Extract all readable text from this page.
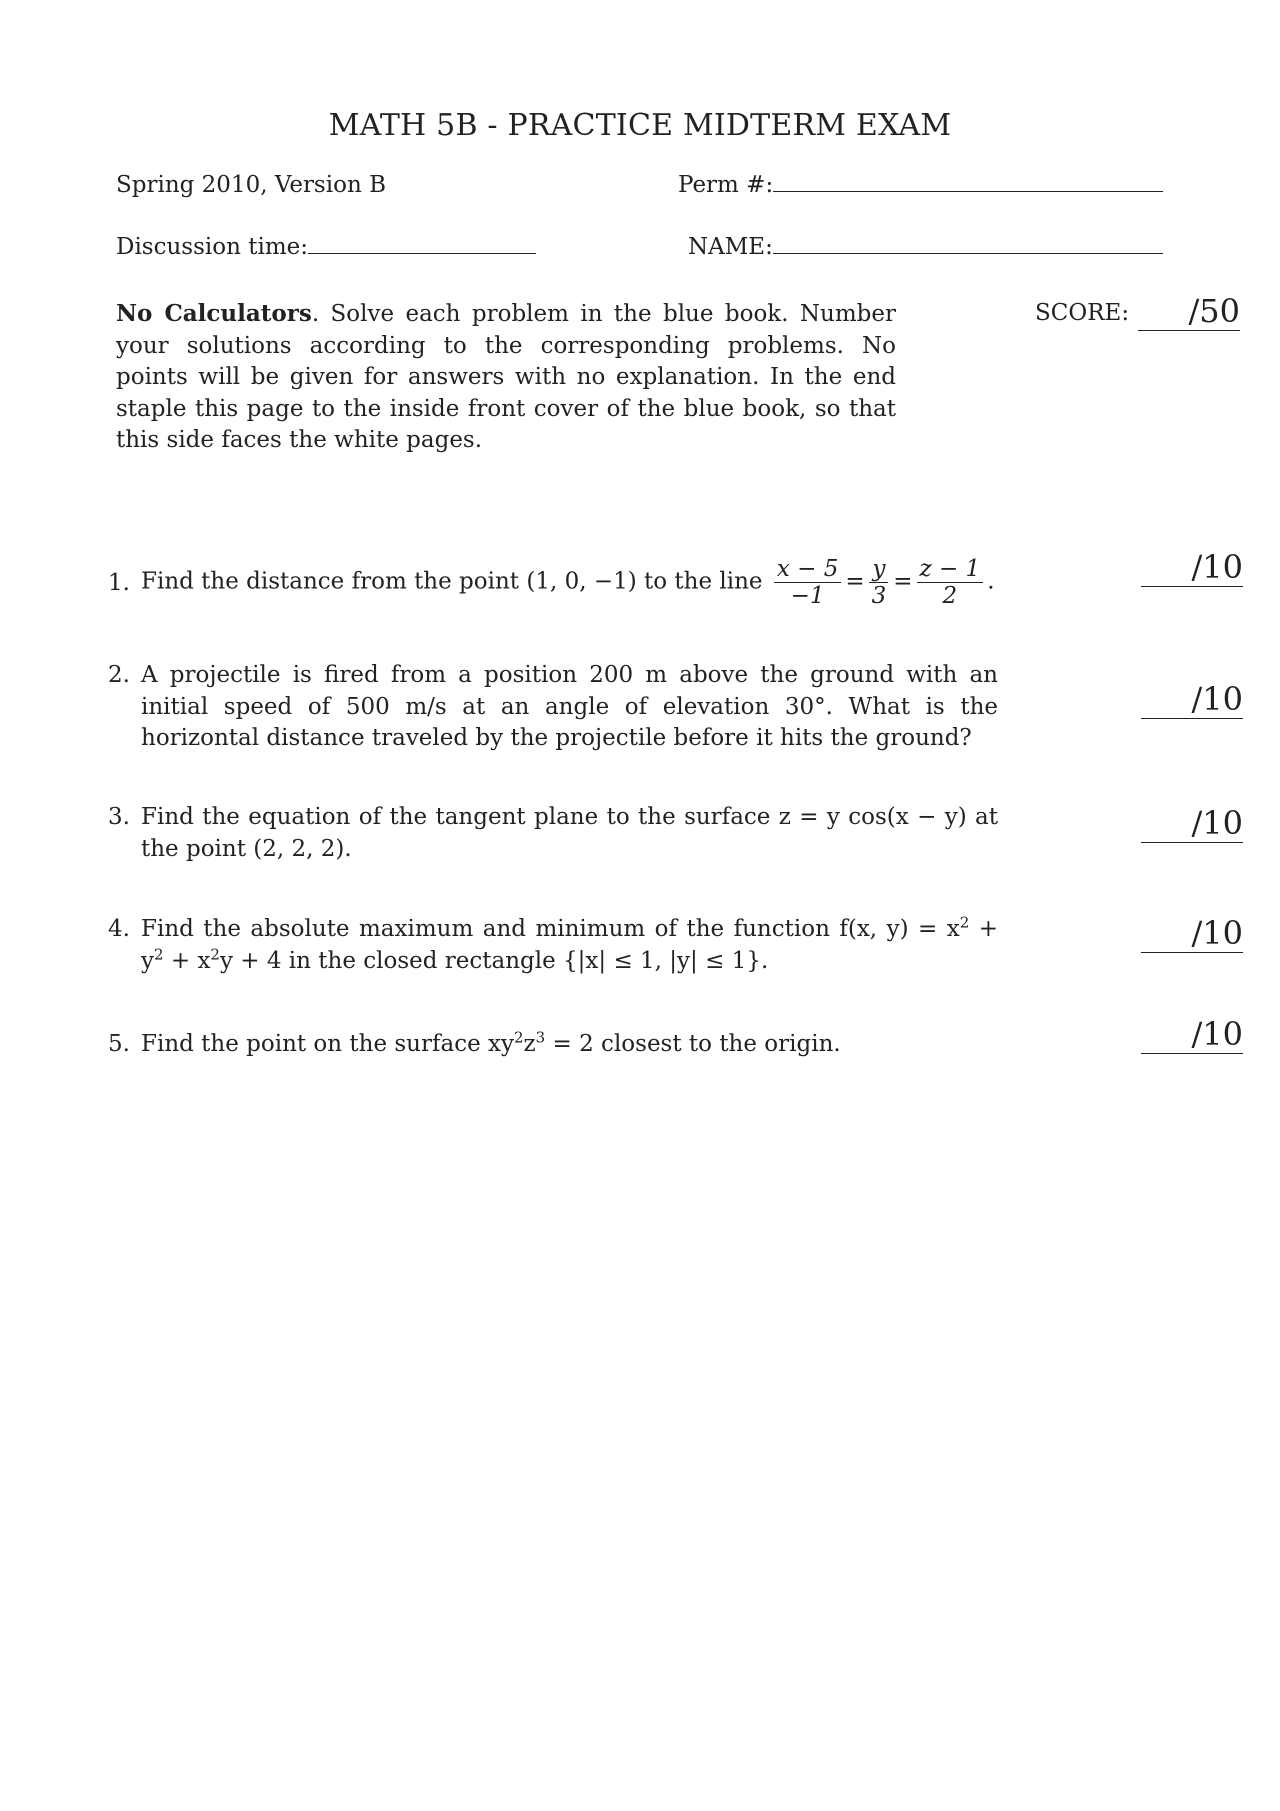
MATH 5B - PRACTICE MIDTERM EXAM
Spring 2010, Version B	Perm #:
Discussion time:	NAME:
No Calculators. Solve each problem in the blue book. Number your solutions according to the corresponding problems. No points will be given for answers with no explanation. In the end staple this page to the inside front cover of the blue book, so that this side faces the white pages.
SCORE:	/50
1. Find the distance from the point (1, 0, −1) to the line $\frac{x - 5}{-1} = \frac{y}{3} = \frac{z - 1}{2}$ .	/10
2. A projectile is fired from a position 200 m above the ground with an initial speed of 500 m/s at an angle of elevation 30°. What is the horizontal distance traveled by the projectile before it hits the ground?
/10
3. Find the equation of the tangent plane to the surface z = y cos(x − y) at the point (2, 2, 2).
/10
4. Find the absolute maximum and minimum of the function f(x, $y) = x^2 + y^2 + x^2y + 4$ in the closed rectangle {|x| ≤ 1, |y| ≤ 1}.
/10
5. Find the point on the surface $xy^2z^3 = 2$ closest to the origin.	/10
